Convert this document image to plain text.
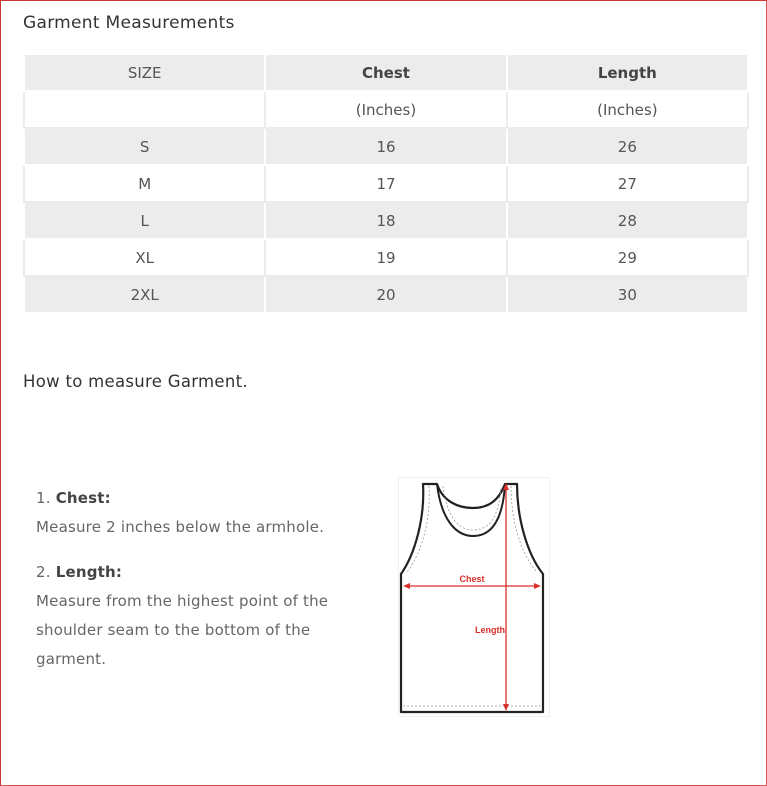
Garment Measurements
SIZE	Chest	Length
	(Inches)	(Inches)
S	16	26
M	17	27
L	18	28
XL	19	29
2XL	20	30
How to measure Garment.
1. Chest:
Measure 2 inches below the armhole.
2. Length:
Measure from the highest point of the shoulder seam to the bottom of the garment.
Chest
Length
